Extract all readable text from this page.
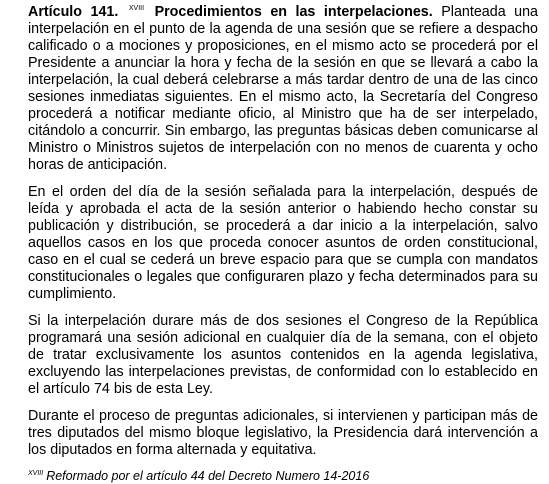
Artículo 141. $^{XVIII}$ Procedimientos en las interpelaciones. Planteada una interpelación en el punto de la agenda de una sesión que se refiere a despacho calificado o a mociones y proposiciones, en el mismo acto se procederá por el Presidente a anunciar la hora y fecha de la sesión en que se llevará a cabo la interpelación, la cual deberá celebrarse a más tardar dentro de una de las cinco sesiones inmediatas siguientes. En el mismo acto, la Secretaría del Congreso procederá a notificar mediante oficio, al Ministro que ha de ser interpelado, citándolo a concurrir. Sin embargo, las preguntas básicas deben comunicarse al Ministro o Ministros sujetos de interpelación con no menos de cuarenta y ocho horas de anticipación.

En el orden del día de la sesión señalada para la interpelación, después de leída y aprobada el acta de la sesión anterior o habiendo hecho constar su publicación y distribución, se procederá a dar inicio a la interpelación, salvo aquellos casos en los que proceda conocer asuntos de orden constitucional, caso en el cual se cederá un breve espacio para que se cumpla con mandatos constitucionales o legales que configuraren plazo y fecha determinados para su cumplimiento.

Si la interpelación durare más de dos sesiones el Congreso de la República programará una sesión adicional en cualquier día de la semana, con el objeto de tratar exclusivamente los asuntos contenidos en la agenda legislativa, excluyendo las interpelaciones previstas, de conformidad con lo establecido en el artículo 74 bis de esta Ley.

Durante el proceso de preguntas adicionales, si intervienen y participan más de tres diputados del mismo bloque legislativo, la Presidencia dará intervención a los diputados en forma alternada y equitativa.

$^{XVIII}$ Reformado por el artículo 44 del Decreto Numero 14-2016
